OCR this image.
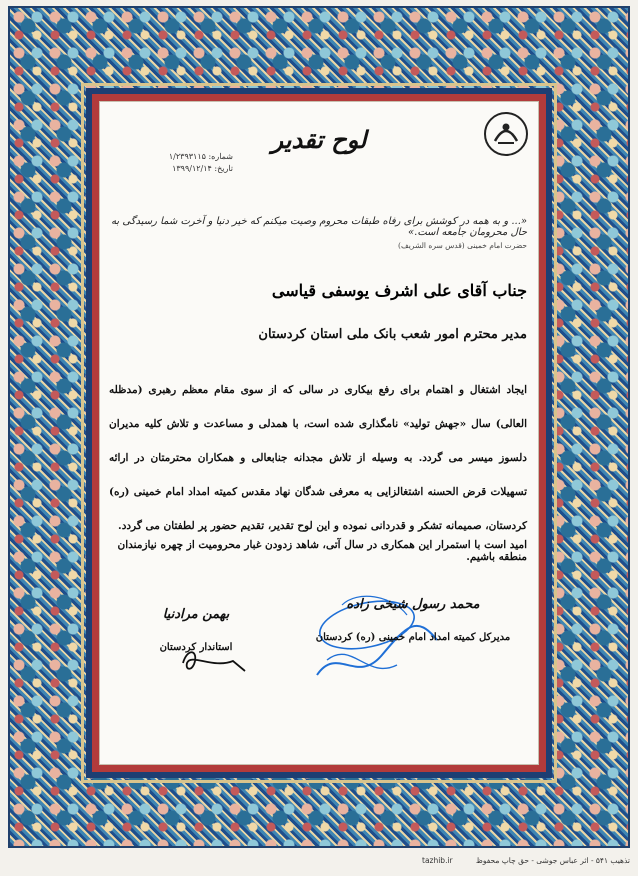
لوح تقدیر
شماره: ۱/۲۳۹۳۱۱۵
تاریخ: ۱۳۹۹/۱۲/۱۴
«... و به همه در کوشش برای رفاه طبقات محروم وصیت میکنم که خیر دنیا و آخرت شما رسیدگی به حال محرومان جامعه است.»
حضرت امام خمینی (قدس سره الشریف)
جناب آقای علی اشرف یوسفی قیاسی
مدیر محترم امور شعب بانک ملی استان کردستان
ایجاد اشتغال و اهتمام برای رفع بیکاری در سالی که از سوی مقام معظم رهبری (مدظله العالی) سال «جهش تولید» نامگذاری شده است، با همدلی و مساعدت و تلاش کلیه مدیران دلسوز میسر می گردد. به وسیله از تلاش مجدانه جنابعالی و همکاران محترمتان در ارائه تسهیلات قرض الحسنه اشتغالزایی به معرفی شدگان نهاد مقدس کمیته امداد امام خمینی (ره) کردستان، صمیمانه تشکر و قدردانی نموده و این لوح تقدیر، تقدیم حضور پر لطفتان می گردد.
امید است با استمرار این همکاری در سال آتی، شاهد زدودن غبار محرومیت از چهره نیازمندان منطقه باشیم.
محمد رسول شیخی زاده
مدیرکل کمیته امداد امام خمینی (ره) کردستان
بهمن مرادنیا
استاندار کردستان
تذهیب ۵۴۱ - اثر عباس جوشی - حق چاپ محفوظ
tazhib.ir
